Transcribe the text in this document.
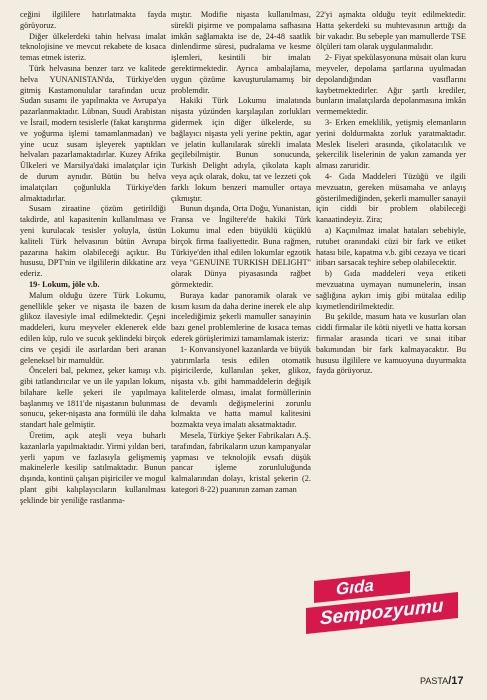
ceğini ilgililere hatırlatmakta fayda görüyoruz.

Diğer ülkelerdeki tahin helvası imalat teknolojisine ve mevcut rekabete de kısaca temas etmek isteriz.

Türk helvasına benzer tarz ve kalitede helva YUNANISTAN'da, Türkiye'den gitmiş Kastamonulular tarafından ucuz Sudan susamı ile yapılmakta ve Avrupa'ya pazarlanmaktadır. Lübnan, Suudi Arabistan ve İsrail, modern tesislerle (fakat karıştırma ve yoğurma işlemi tamamlanmadan) ve yine ucuz susam işleyerek yaptıkları helvaları pazarlamaktadırlar. Kuzey Afrika Ülkeleri ve Marsilya'daki imalatçılar için de durum aynıdır. Bütün bu helva imalatçıları çoğunlukla Türkiye'den almaktadırlar.

Susam ziraatine çözüm getirildiği takdirde, atıl kapasitenin kullanılması ve yeni kurulacak tesisler yoluyla, üstün kaliteli Türk helvasının bütün Avrupa pazarına hakim olabileceği açıktır. Bu hususu, DPT'nin ve ilgililerin dikkatine arz ederiz.

19- Lokum, jöle v.b.

Malum olduğu üzere Türk Lokumu, genellikle şeker ve nişasta ile bazen de glikoz ilavesiyle imal edilmektedir. Çeşni maddeleri, kuru meyveler eklenerek elde edilen küp, rulo ve sucuk şeklindeki birçok cins ve çeşidi ile asırlardan beri aranan geleneksel bir mamuldür.

Önceleri bal, pekmez, şeker kamışı v.b. gibi tatlandırıcılar ve un ile yapılan lokum, bilahare kelle şekeri ile yapılmaya başlanmış ve 1811'de nişastanın bulunması sonucu, şeker-nişasta ana formülü ile daha standart hale gelmiştir.

Üretim, açık ateşli veya buharlı kazanlarla yapılmaktadır. Yirmi yıldan beri, yerli yapım ve fazlasıyla gelişmemiş makinelerle kesilip satılmaktadır. Bunun dışında, kontinü çalışan pişiriciler ve mogul plant gibi kalıplayıcıların kullanılması şeklinde bir yeniliğe rastlanma-

mıştır. Modifie nişasta kullanılması, sürekli pişirme ve pompalama safhasına imkân sağlamakta ise de, 24-48 saatlik dinlendirme süresi, pudralama ve kesme işlemleri, kesintili bir imalatı gerektirmektedir. Ayrıca ambalajlama, uygun çözüme kavuşturulamamış bir problemdir.

Hakiki Türk Lokumu imalatında nişasta yüzünden karşılaşılan zorlukları gidermek için diğer ülkelerde, su bağlayıcı nişasta yeli yerine pektin, agar ve jelatin kullanılarak sürekli imalata geçilebilmiştir. Bunun sonucunda, Turkish Delight adıyla, çikolata kaplı veya açık olarak, doku, tat ve lezzeti çok farklı lokum benzeri mamuller ortaya çıkmıştır.

Bunun dışında, Orta Doğu, Yunanistan, Fransa ve İngiltere'de hakiki Türk Lokumu imal eden büyüklü küçüklü birçok firma faaliyettedir. Buna rağmen, Türkiye'den ithal edilen lokumlar egzotik veya "GENUINE TURKISH DELIGHT" olarak Dünya piyasasında rağbet görmektedir.

Buraya kadar panoramik olarak ve kısım kısım da daha derine inerek ele alıp incelediğimiz şekerli mamuller sanayinin bazı genel problemlerine de kısaca temas ederek görüşlerimizi tamamlamak isteriz:

1- Konvansiyonel kazanlarda ve büyük yatırımlarla tesis edilen otomatik pişiricilerde, kullanılan şeker, glikoz, nişasta v.b. gibi hammaddelerin değişik kalitelerde olması, imalat formüllerinin de devamlı değişmelerini zorunlu kılmakta ve hatta mamul kalitesini bozmakta veya imalatı aksatmaktadır.

Mesela, Türkiye Şeker Fabrikaları A.Ş. tarafından, fabrikaların uzun kampanyalar yapması ve teknolojik evsafı düşük pancar işleme zorunluluğunda kalmalarından dolayı, kristal şekerin (2. kategori 8-22) puanının zaman zaman

22'yi aşmakta olduğu teyit edilmektedir. Hatta şekerdeki su muhtevasının arttığı da bir vakadır. Bu sebeple yan mamullerde TSE ölçüleri tam olarak uygulanmalıdır.

2- Fiyat spekülasyonuna müsait olan kuru meyveler, depolama şartlarına uyulmadan depolandığından vasıflarını kaybetmektedirler. Ağır şartlı krediler, bunların imalatçılarda depolanmasına imkân vermemektedir.

3- Erken emeklilik, yetişmiş elemanların yerini doldurmakta zorluk yaratmaktadır. Meslek liseleri arasında, çikolatacılık ve şekercilik liselerinin de yakın zamanda yer alması zaruridir.

4- Gıda Maddeleri Tüzüğü ve ilgili mevzuatın, gereken müsamaha ve anlayış gösterilmediğinden, şekerli mamuller sanayii için ciddi bir problem olabileceği kanaatindeyiz. Zira;

a) Kaçınılmaz imalat hataları sebebiyle, rutubet oranındaki cüzi bir fark ve etiket hatası bile, kapatma v.b. gibi cezaya ve ticari itibarı sarsacak teşhire sebep olabilecektir.

b) Gıda maddeleri veya etiketi mevzuatına uymayan numunelerin, insan sağlığına aykırı imiş gibi mütalaa edilip kıymetlendirilmektedir.

Bu şekilde, masum hata ve kusurları olan ciddi firmalar ile kötü niyetli ve hatta korsan firmalar arasında ticari ve sınai itibar bakımından bir fark kalmayacaktır. Bu hususu ilgililere ve kamuoyuna duyurmakta fayda görüyoruz.

Gıda
Sempozyumu
PASTA/17
